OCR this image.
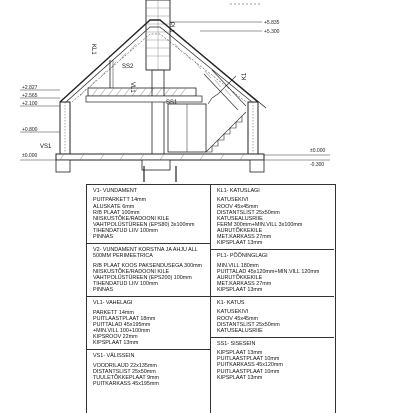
+5.835
+5.300
+2.827
+2.565
+2.100
+0.800
±0.000
±0.000
-0.300
PL1
KL1
SS2
VL1
SS1
VS1
K1
V1- VUNDAMENT
PUITPARKETT 14mm
ALUSKATE 6mm
R/B PLAAT 100mm
NIISKUSTÕKE/RADOONI KILE
VAHTPOLÜSTÜREEN (EPS80) 3x100mm
TIHENDATUD LIIV 100mm
PINNAS
V2- VUNDAMENT KORSTNA JA AHJU ALL 500MM PERIMEETRICA
R/B PLAAT KOOS PAKSENDUSEGA 300mm
NIISKUSTÕKE/RADOONI KILE
VAHTPOLÜSTÜREEN (EPS200) 100mm
TIHENDATUD LIIV 100mm
PINNAS
VL1- VAHELAGI
PARKETT 14mm
PUITLAASTPLAAT 18mm
PUITTALAD 45x195mm
+MIN.VILL 100+100mm
KIPSROOV 22mm
KIPSPLAAT 13mm
VS1- VÄLISSEIN
VOODRILAUD 22x135mm
DISTANTSLIST 25x50mm
TUULETÕKKEPLAAT 9mm
PUITKARKASS 45x195mm
KL1- KATUSLAGI
KATUSEKIVI
ROOV 45x45mm
DISTANTSLIST 25x50mm
KATUSEALUSRIIE
FERM 300mm+MIN.VILL 3x100mm
AURUTÕKKEKILE
MET.KARKASS 27mm
KIPSPLAAT 13mm
PL1- PÕÕNINGLAGI
MIN.VILL 180mm
PUITTALAD 45x120mm+MIN.VILL 120mm
AURUTÕKKEKILE
MET.KARKASS 27mm
KIPSPLAAT 13mm
K1- KATUS
KATUSEKIVI
ROOV 45x45mm
DISTANTSLIST 25x50mm
KATUSEALUSRIIE
SS1- SISESEIN
KIPSPLAAT 13mm
PUITLAASTPLAAT 10mm
PUITKARKASS 45x120mm
PUITLAASTPLAAT 10mm
KIPSPLAAT 13mm
